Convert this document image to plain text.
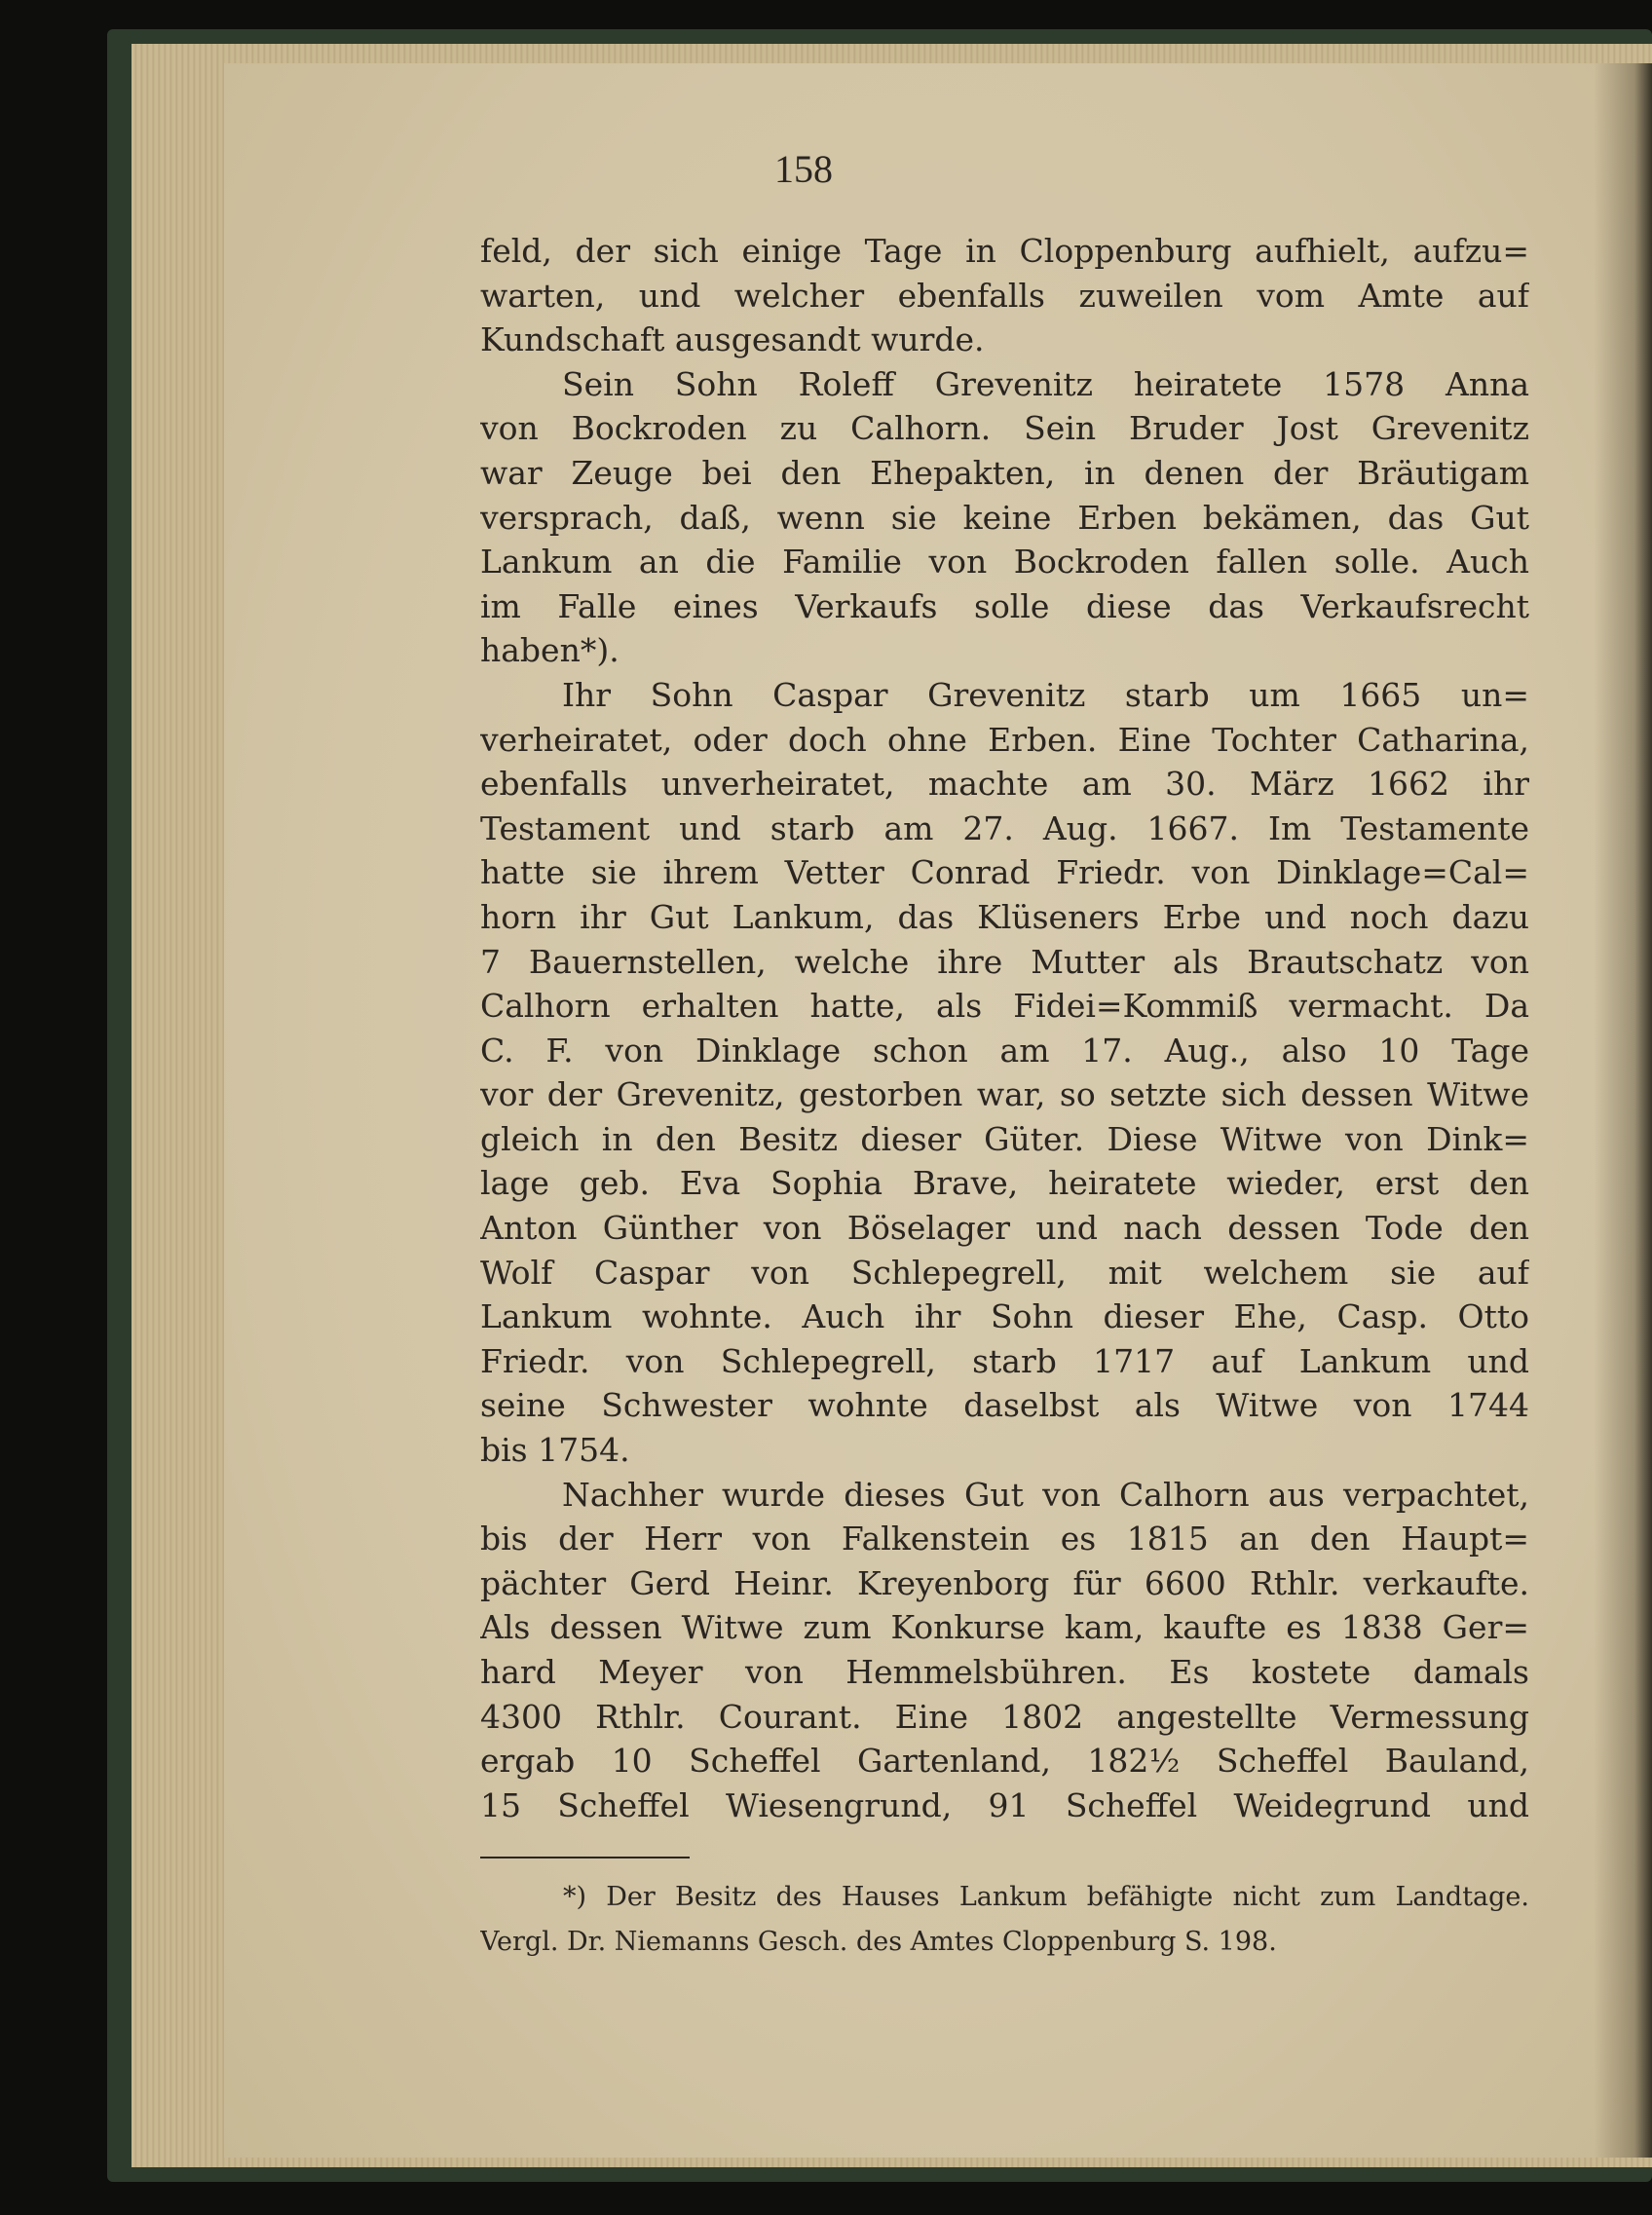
158
feld, der sich einige Tage in Cloppenburg aufhielt, aufzu=
warten, und welcher ebenfalls zuweilen vom Amte auf
Kundschaft ausgesandt wurde.
Sein Sohn Roleff Grevenitz heiratete 1578 Anna
von Bockroden zu Calhorn. Sein Bruder Jost Grevenitz
war Zeuge bei den Ehepakten, in denen der Bräutigam
versprach, daß, wenn sie keine Erben bekämen, das Gut
Lankum an die Familie von Bockroden fallen solle. Auch
im Falle eines Verkaufs solle diese das Verkaufsrecht
haben*).
Ihr Sohn Caspar Grevenitz starb um 1665 un=
verheiratet, oder doch ohne Erben. Eine Tochter Catharina,
ebenfalls unverheiratet, machte am 30. März 1662 ihr
Testament und starb am 27. Aug. 1667. Im Testamente
hatte sie ihrem Vetter Conrad Friedr. von Dinklage=Cal=
horn ihr Gut Lankum, das Klüseners Erbe und noch dazu
7 Bauernstellen, welche ihre Mutter als Brautschatz von
Calhorn erhalten hatte, als Fidei=Kommiß vermacht. Da
C. F. von Dinklage schon am 17. Aug., also 10 Tage
vor der Grevenitz, gestorben war, so setzte sich dessen Witwe
gleich in den Besitz dieser Güter. Diese Witwe von Dink=
lage geb. Eva Sophia Brave, heiratete wieder, erst den
Anton Günther von Böselager und nach dessen Tode den
Wolf Caspar von Schlepegrell, mit welchem sie auf
Lankum wohnte. Auch ihr Sohn dieser Ehe, Casp. Otto
Friedr. von Schlepegrell, starb 1717 auf Lankum und
seine Schwester wohnte daselbst als Witwe von 1744
bis 1754.
Nachher wurde dieses Gut von Calhorn aus verpachtet,
bis der Herr von Falkenstein es 1815 an den Haupt=
pächter Gerd Heinr. Kreyenborg für 6600 Rthlr. verkaufte.
Als dessen Witwe zum Konkurse kam, kaufte es 1838 Ger=
hard Meyer von Hemmelsbühren. Es kostete damals
4300 Rthlr. Courant. Eine 1802 angestellte Vermessung
ergab 10 Scheffel Gartenland, 182½ Scheffel Bauland,
15 Scheffel Wiesengrund, 91 Scheffel Weidegrund und
*) Der Besitz des Hauses Lankum befähigte nicht zum Landtage.
Vergl. Dr. Niemanns Gesch. des Amtes Cloppenburg S. 198.
